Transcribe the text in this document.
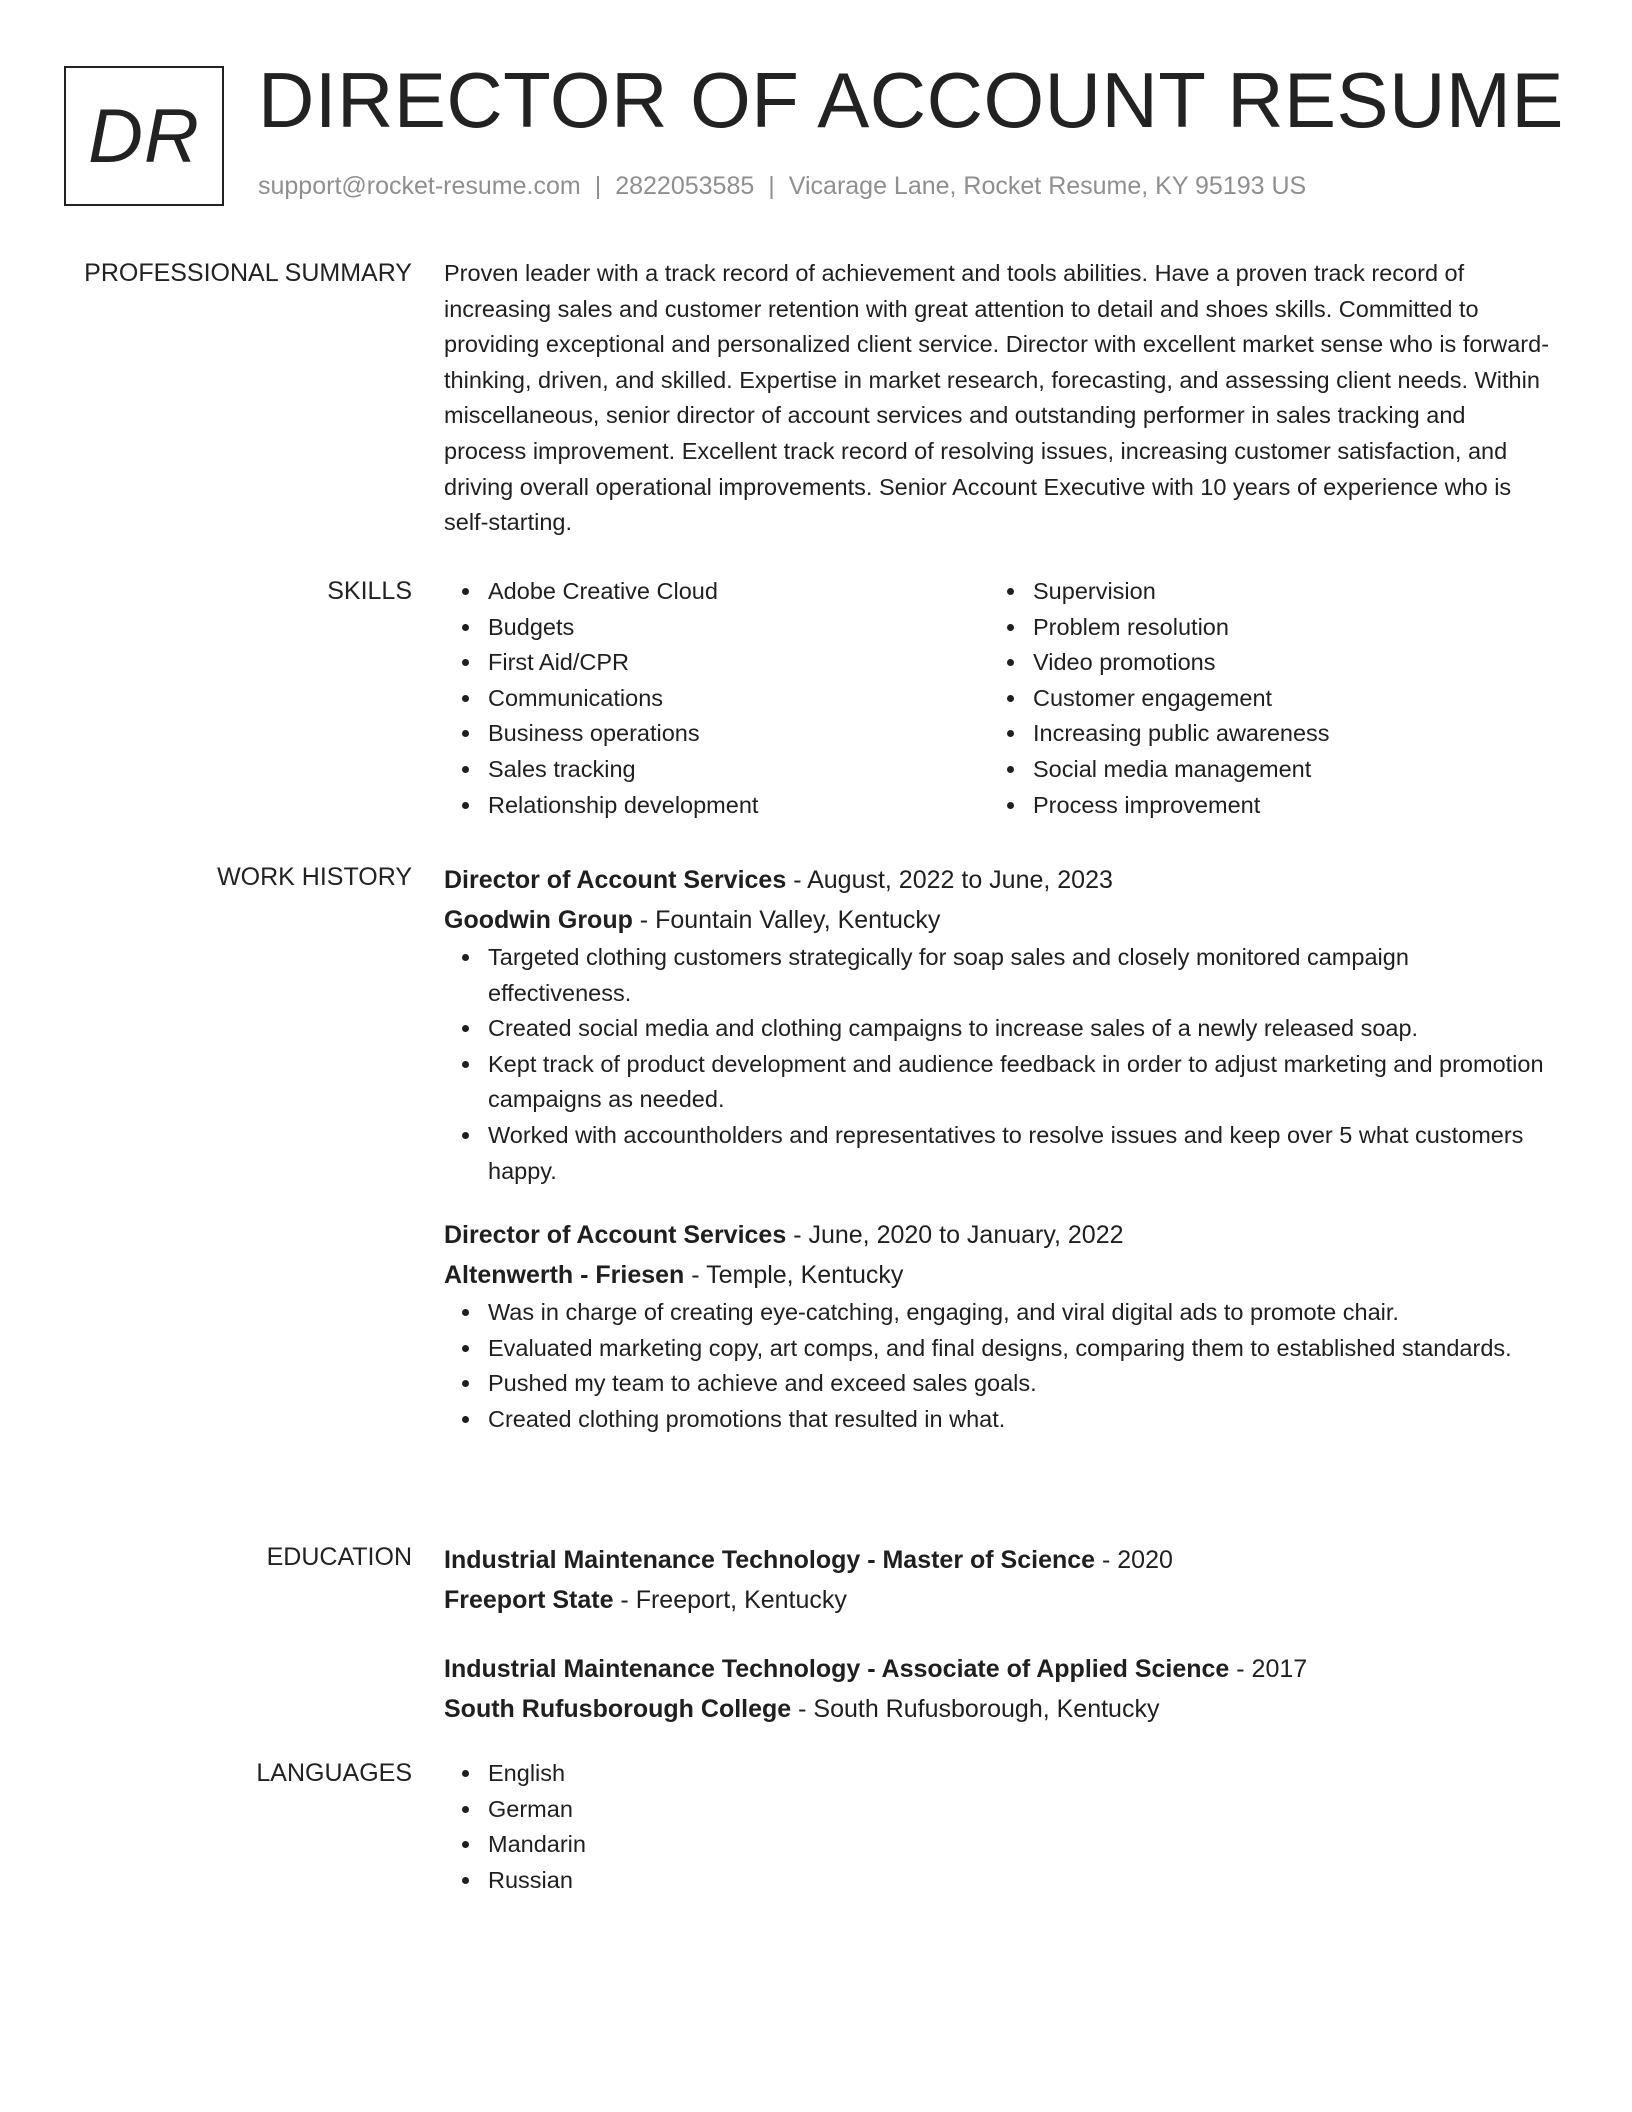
DR DIRECTOR OF ACCOUNT RESUME
support@rocket-resume.com | 2822053585 | Vicarage Lane, Rocket Resume, KY 95193 US
PROFESSIONAL SUMMARY Proven leader with a track record of achievement and tools abilities. Have a proven track record of increasing sales and customer retention with great attention to detail and shoes skills. Committed to providing exceptional and personalized client service. Director with excellent market sense who is forward-thinking, driven, and skilled. Expertise in market research, forecasting, and assessing client needs. Within miscellaneous, senior director of account services and outstanding performer in sales tracking and process improvement. Excellent track record of resolving issues, increasing customer satisfaction, and driving overall operational improvements. Senior Account Executive with 10 years of experience who is self-starting.
SKILLS	Adobe Creative Cloud
Budgets
First Aid/CPR
Communications
Business operations
Sales tracking
Relationship development
Supervision
Problem resolution
Video promotions
Customer engagement
Increasing public awareness
Social media management
Process improvement
WORK HISTORY Director of Account Services - August, 2022 to June, 2023
Goodwin Group - Fountain Valley, Kentucky
Targeted clothing customers strategically for soap sales and closely monitored campaign effectiveness.
Created social media and clothing campaigns to increase sales of a newly released soap.
Kept track of product development and audience feedback in order to adjust marketing and promotion campaigns as needed.
Worked with accountholders and representatives to resolve issues and keep over 5 what customers happy.
Director of Account Services - June, 2020 to January, 2022
Altenwerth - Friesen - Temple, Kentucky
Was in charge of creating eye-catching, engaging, and viral digital ads to promote chair.
Evaluated marketing copy, art comps, and final designs, comparing them to established standards.
Pushed my team to achieve and exceed sales goals.
Created clothing promotions that resulted in what.
EDUCATION Industrial Maintenance Technology - Master of Science - 2020
Freeport State - Freeport, Kentucky
Industrial Maintenance Technology - Associate of Applied Science - 2017
South Rufusborough College - South Rufusborough, Kentucky
LANGUAGES	English
German
Mandarin
Russian
